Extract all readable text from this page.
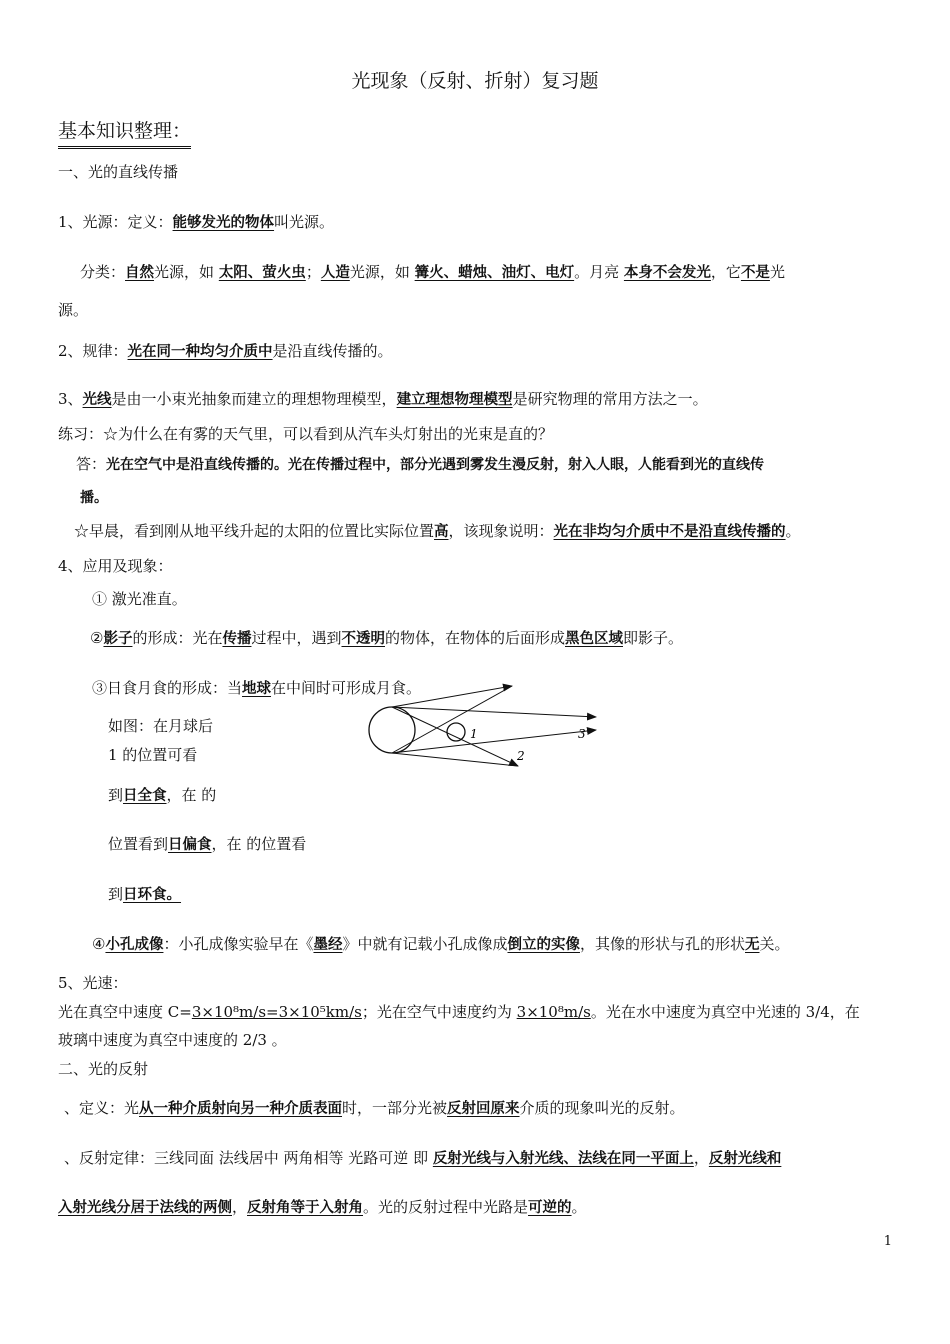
光现象（反射、折射）复习题
基本知识整理：
一、光的直线传播
1、光源：定义：能够发光的物体叫光源。
分类：自然光源，如 太阳、萤火虫；人造光源，如 篝火、蜡烛、油灯、电灯。月亮 本身不会发光，它不是光
源。
2、规律：光在同一种均匀介质中是沿直线传播的。
3、光线是由一小束光抽象而建立的理想物理模型，建立理想物理模型是研究物理的常用方法之一。
练习：☆为什么在有雾的天气里，可以看到从汽车头灯射出的光束是直的？
答：光在空气中是沿直线传播的。光在传播过程中，部分光遇到雾发生漫反射，射入人眼，人能看到光的直线传
播。
☆早晨，看到刚从地平线升起的太阳的位置比实际位置高，该现象说明：光在非均匀介质中不是沿直线传播的。
4、应用及现象：
① 激光准直。
②影子的形成：光在传播过程中，遇到不透明的物体，在物体的后面形成黑色区域即影子。
③日食月食的形成：当地球在中间时可形成月食。
如图：在月球后
1 的位置可看
到日全食，在 的
位置看到日偏食，在 的位置看
到日环食。
1
2
3
④小孔成像：小孔成像实验早在《墨经》中就有记载小孔成像成倒立的实像，其像的形状与孔的形状无关。
5、光速：
光在真空中速度 C=3×10⁸m/s=3×10⁵km/s；光在空气中速度约为 3×10⁸m/s。光在水中速度为真空中光速的 3/4，在
玻璃中速度为真空中速度的 2/3 。
二、光的反射
、定义：光从一种介质射向另一种介质表面时，一部分光被反射回原来介质的现象叫光的反射。
、反射定律：三线同面 法线居中 两角相等 光路可逆 即 反射光线与入射光线、法线在同一平面上，反射光线和
入射光线分居于法线的两侧，反射角等于入射角。光的反射过程中光路是可逆的。
1
